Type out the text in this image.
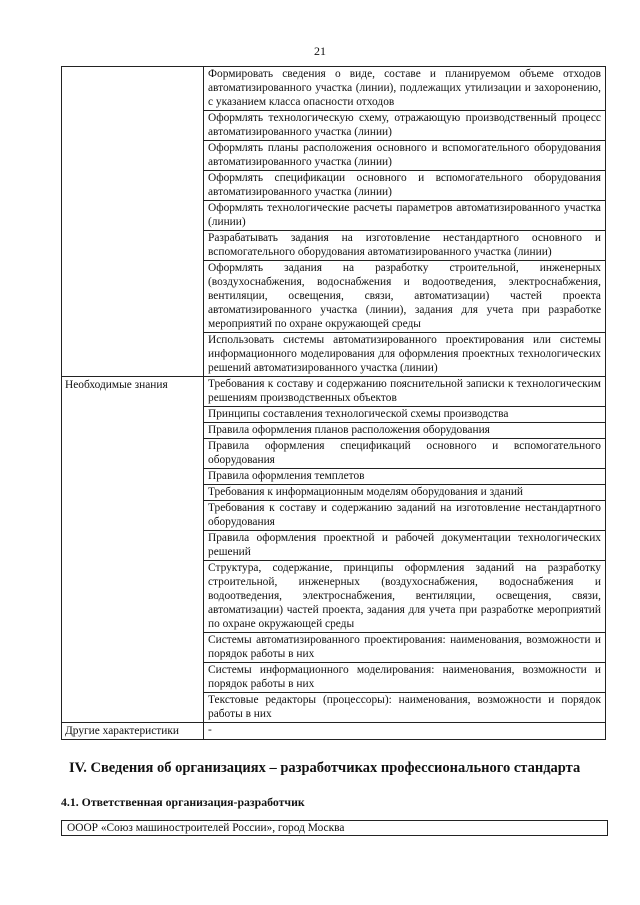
21
	Формировать сведения о виде, составе и планируемом объеме отходов автоматизированного участка (линии), подлежащих утилизации и захоронению, с указанием класса опасности отходов
	Оформлять технологическую схему, отражающую производственный процесс автоматизированного участка (линии)
	Оформлять планы расположения основного и вспомогательного оборудования автоматизированного участка (линии)
	Оформлять спецификации основного и вспомогательного оборудования автоматизированного участка (линии)
	Оформлять технологические расчеты параметров автоматизированного участка (линии)
	Разрабатывать задания на изготовление нестандартного основного и вспомогательного оборудования автоматизированного участка (линии)
	Оформлять задания на разработку строительной, инженерных (воздухоснабжения, водоснабжения и водоотведения, электроснабжения, вентиляции, освещения, связи, автоматизации) частей проекта автоматизированного участка (линии), задания для учета при разработке мероприятий по охране окружающей среды
	Использовать системы автоматизированного проектирования или системы информационного моделирования для оформления проектных технологических решений автоматизированного участка (линии)
Необходимые знания	Требования к составу и содержанию пояснительной записки к технологическим решениям производственных объектов
	Принципы составления технологической схемы производства
	Правила оформления планов расположения оборудования
	Правила оформления спецификаций основного и вспомогательного оборудования
	Правила оформления темплетов
	Требования к информационным моделям оборудования и зданий
	Требования к составу и содержанию заданий на изготовление нестандартного оборудования
	Правила оформления проектной и рабочей документации технологических решений
	Структура, содержание, принципы оформления заданий на разработку строительной, инженерных (воздухоснабжения, водоснабжения и водоотведения, электроснабжения, вентиляции, освещения, связи, автоматизации) частей проекта, задания для учета при разработке мероприятий по охране окружающей среды
	Системы автоматизированного проектирования: наименования, возможности и порядок работы в них
	Системы информационного моделирования: наименования, возможности и порядок работы в них
	Текстовые редакторы (процессоры): наименования, возможности и порядок работы в них
Другие характеристики	-
IV. Сведения об организациях – разработчиках профессионального стандарта
4.1. Ответственная организация-разработчик
ОООР «Союз машиностроителей России», город Москва
